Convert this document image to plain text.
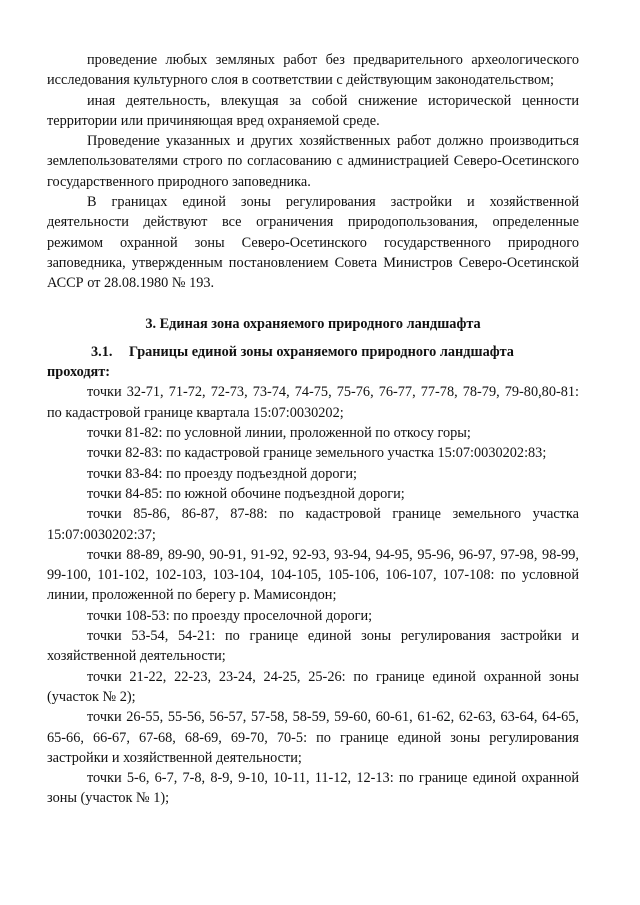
проведение любых земляных работ без предварительного археологического исследования культурного слоя в соответствии с действующим законодательством;

иная деятельность, влекущая за собой снижение исторической ценности территории или причиняющая вред охраняемой среде.

Проведение указанных и других хозяйственных работ должно производиться землепользователями строго по согласованию с администрацией Северо-Осетинского государственного природного заповедника.

В границах единой зоны регулирования застройки и хозяйственной деятельности действуют все ограничения природопользования, определенные режимом охранной зоны Северо-Осетинского государственного природного заповедника, утвержденным постановлением Совета Министров Северо-Осетинской АССР от 28.08.1980 № 193.

3. Единая зона охраняемого природного ландшафта

3.1. Границы единой зоны охраняемого природного ландшафта

проходят:

точки 32-71, 71-72, 72-73, 73-74, 74-75, 75-76, 76-77, 77-78, 78-79, 79-80,80-81: по кадастровой границе квартала 15:07:0030202;

точки 81-82: по условной линии, проложенной по откосу горы;

точки 82-83: по кадастровой границе земельного участка 15:07:0030202:83;

точки 83-84: по проезду подъездной дороги;

точки 84-85: по южной обочине подъездной дороги;

точки 85-86, 86-87, 87-88: по кадастровой границе земельного участка 15:07:0030202:37;

точки 88-89, 89-90, 90-91, 91-92, 92-93, 93-94, 94-95, 95-96, 96-97, 97-98, 98-99, 99-100, 101-102, 102-103, 103-104, 104-105, 105-106, 106-107, 107-108: по условной линии, проложенной по берегу р. Мамисондон;

точки 108-53: по проезду проселочной дороги;

точки 53-54, 54-21: по границе единой зоны регулирования застройки и хозяйственной деятельности;

точки 21-22, 22-23, 23-24, 24-25, 25-26: по границе единой охранной зоны (участок № 2);

точки 26-55, 55-56, 56-57, 57-58, 58-59, 59-60, 60-61, 61-62, 62-63, 63-64, 64-65, 65-66, 66-67, 67-68, 68-69, 69-70, 70-5: по границе единой зоны регулирования застройки и хозяйственной деятельности;

точки 5-6, 6-7, 7-8, 8-9, 9-10, 10-11, 11-12, 12-13: по границе единой охранной зоны (участок № 1);
